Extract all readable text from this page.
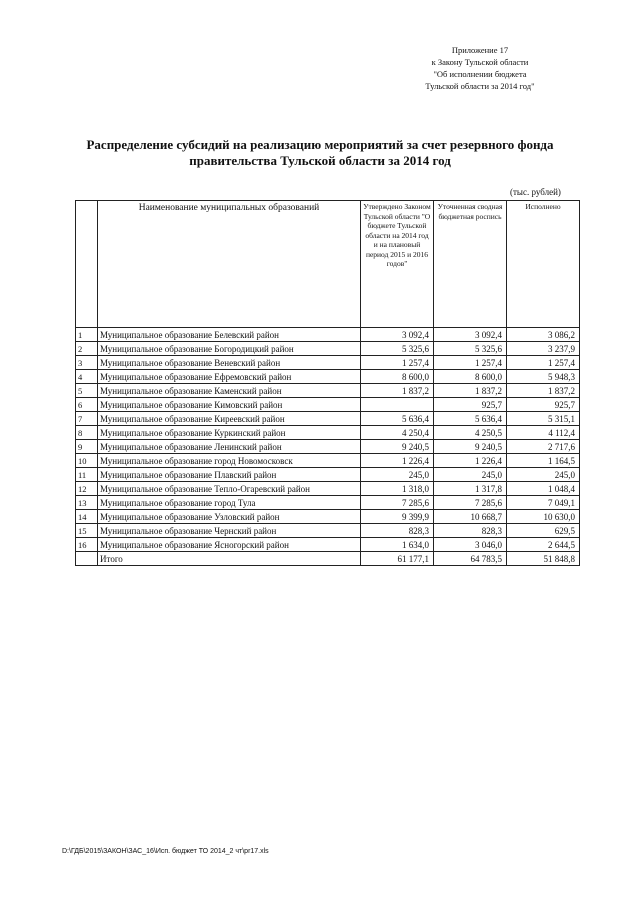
Приложение 17
к Закону Тульской области
"Об исполнении бюджета
Тульской области за 2014 год"
Распределение субсидий на реализацию мероприятий за счет резервного фонда
правительства Тульской области за 2014 год
(тыс. рублей)
	Наименование муниципальных образований	Утверждено Законом Тульской области "О бюджете Тульской области на 2014 год и на плановый период 2015 и 2016 годов"	Уточненная сводная бюджетная роспись	Исполнено
1	Муниципальное образование Белевский район	3 092,4	3 092,4	3 086,2
2	Муниципальное образование Богородицкий район	5 325,6	5 325,6	3 237,9
3	Муниципальное образование Веневский район	1 257,4	1 257,4	1 257,4
4	Муниципальное образование Ефремовский район	8 600,0	8 600,0	5 948,3
5	Муниципальное образование Каменский район	1 837,2	1 837,2	1 837,2
6	Муниципальное образование Кимовский район		925,7	925,7
7	Муниципальное образование Киреевский район	5 636,4	5 636,4	5 315,1
8	Муниципальное образование Куркинский район	4 250,4	4 250,5	4 112,4
9	Муниципальное образование Ленинский район	9 240,5	9 240,5	2 717,6
10	Муниципальное образование город Новомосковск	1 226,4	1 226,4	1 164,5
11	Муниципальное образование Плавский район	245,0	245,0	245,0
12	Муниципальное образование Тепло-Огаревский район	1 318,0	1 317,8	1 048,4
13	Муниципальное образование город Тула	7 285,6	7 285,6	7 049,1
14	Муниципальное образование Узловский район	9 399,9	10 668,7	10 630,0
15	Муниципальное образование Чернский район	828,3	828,3	629,5
16	Муниципальное образование Ясногорский район	1 634,0	3 046,0	2 644,5
	Итого	61 177,1	64 783,5	51 848,8
D:\ГДБ\2015\ЗАКОН\ЗАС_16\Исп. бюджет ТО 2014_2 чт\pr17.xls
